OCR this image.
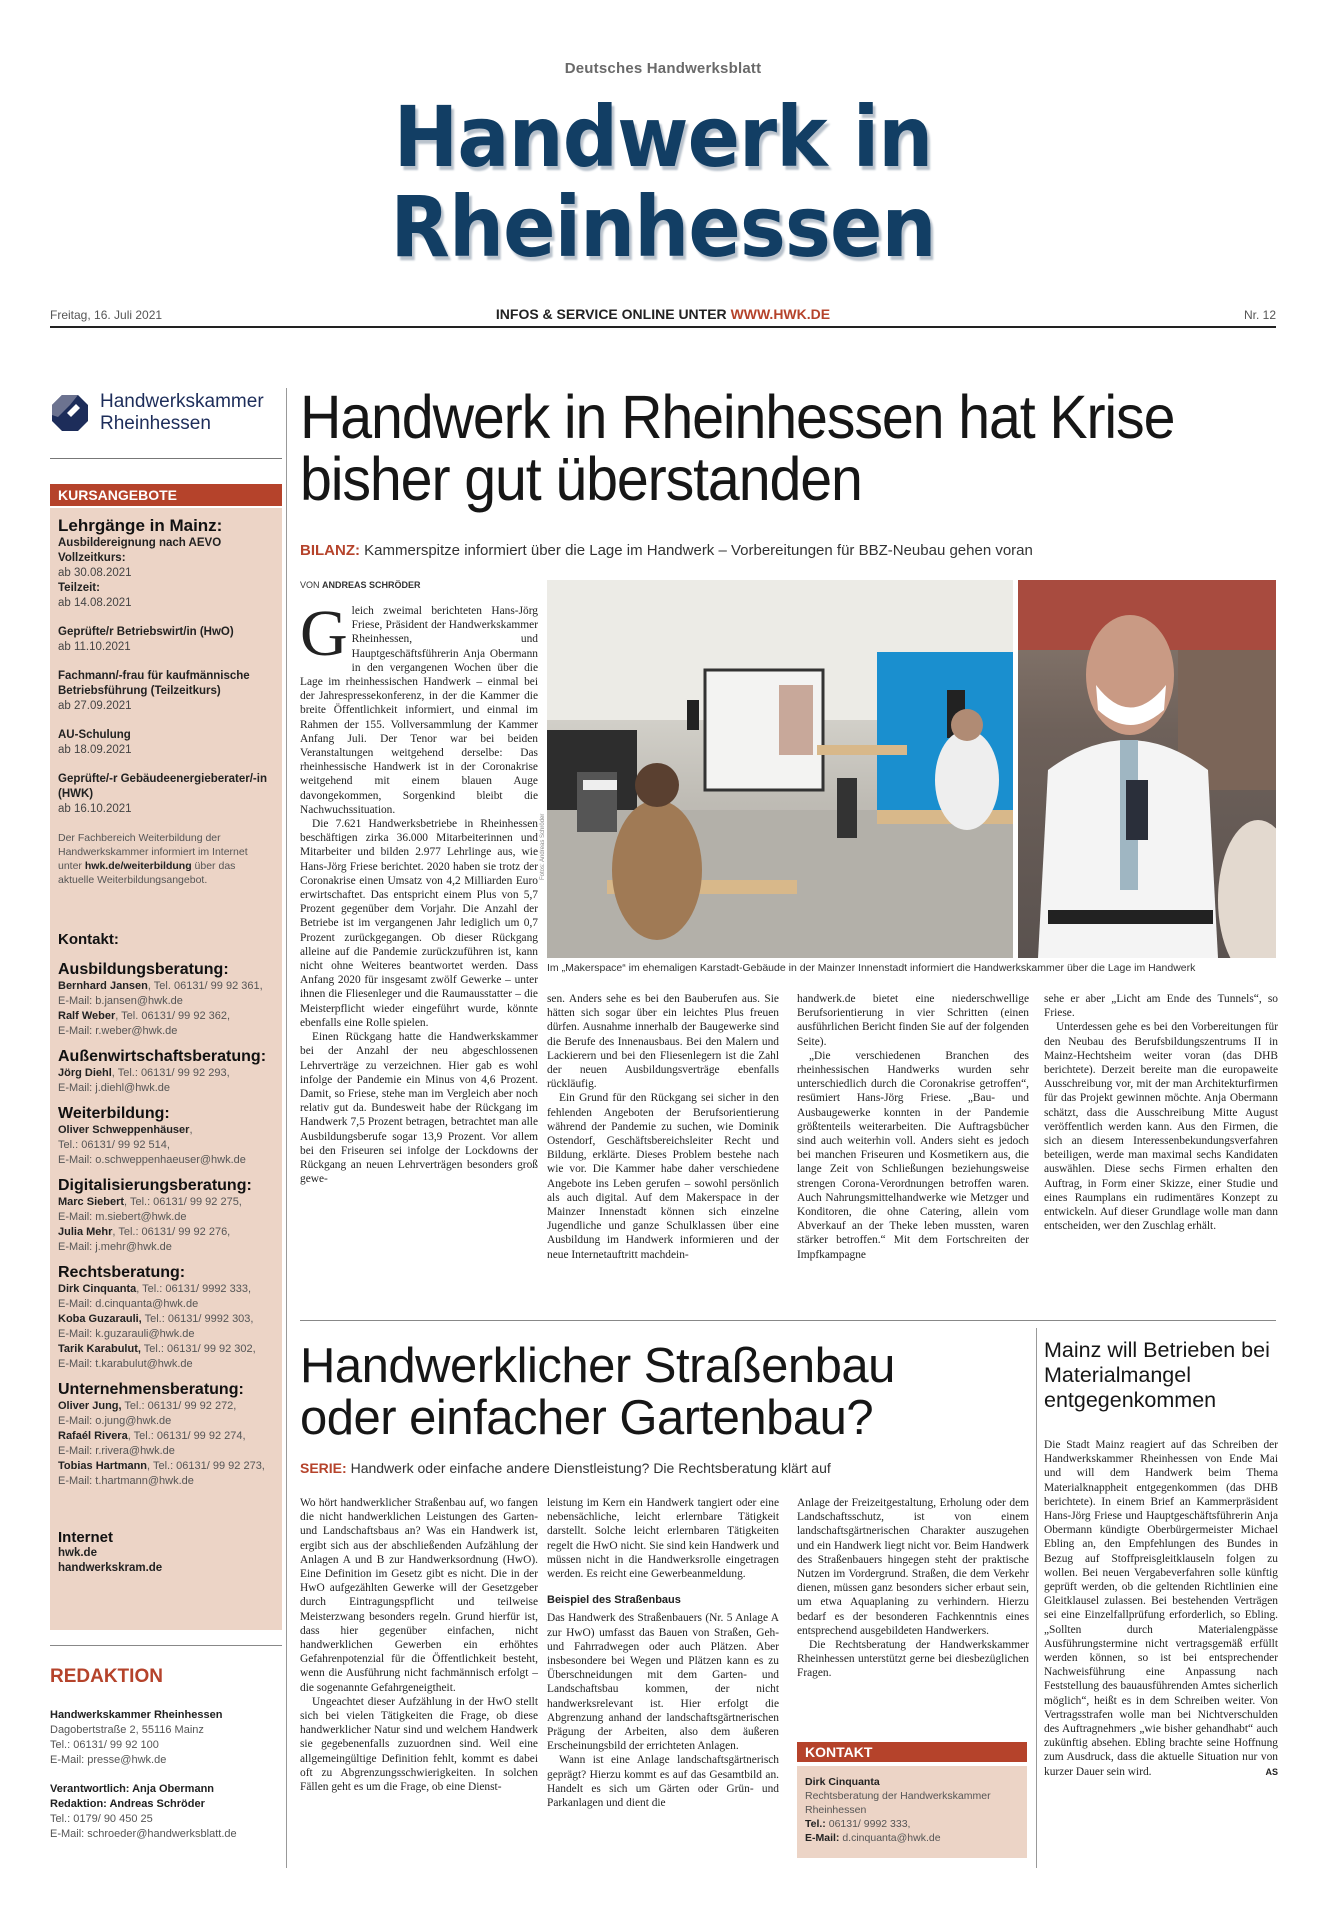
Deutsches Handwerksblatt
Handwerk in
Rheinhessen
Freitag, 16. Juli 2021	INFOS & SERVICE ONLINE UNTER WWW.HWK.DE	Nr. 12
Handwerkskammer
Rheinhessen
KURSANGEBOTE
Lehrgänge in Mainz:
Ausbildereignung nach AEVO
Vollzeitkurs:
ab 30.08.2021
Teilzeit:
ab 14.08.2021
Geprüfte/r Betriebswirt/in (HwO)
ab 11.10.2021
Fachmann/-frau für kaufmännische Betriebsführung (Teilzeitkurs)
ab 27.09.2021
AU-Schulung
ab 18.09.2021
Geprüfte/-r Gebäudeenergieberater/-in (HWK)
ab 16.10.2021
Der Fachbereich Weiterbildung der Handwerkskammer informiert im Internet unter hwk.de/weiterbildung über das aktuelle Weiterbildungsangebot.
Kontakt:
Ausbildungsberatung:
Bernhard Jansen, Tel. 06131/ 99 92 361,
E-Mail: b.jansen@hwk.de
Ralf Weber, Tel. 06131/ 99 92 362,
E-Mail: r.weber@hwk.de
Außenwirtschaftsberatung:
Jörg Diehl, Tel.: 06131/ 99 92 293,
E-Mail: j.diehl@hwk.de
Weiterbildung:
Oliver Schweppenhäuser,
Tel.: 06131/ 99 92 514,
E-Mail: o.schweppenhaeuser@hwk.de
Digitalisierungsberatung:
Marc Siebert, Tel.: 06131/ 99 92 275,
E-Mail: m.siebert@hwk.de
Julia Mehr, Tel.: 06131/ 99 92 276,
E-Mail: j.mehr@hwk.de
Rechtsberatung:
Dirk Cinquanta, Tel.: 06131/ 9992 333,
E-Mail: d.cinquanta@hwk.de
Koba Guzarauli, Tel.: 06131/ 9992 303,
E-Mail: k.guzarauli@hwk.de
Tarik Karabulut, Tel.: 06131/ 99 92 302,
E-Mail: t.karabulut@hwk.de
Unternehmensberatung:
Oliver Jung, Tel.: 06131/ 99 92 272,
E-Mail: o.jung@hwk.de
Rafaél Rivera, Tel.: 06131/ 99 92 274,
E-Mail: r.rivera@hwk.de
Tobias Hartmann, Tel.: 06131/ 99 92 273,
E-Mail: t.hartmann@hwk.de
Internet
hwk.de
handwerkskram.de
REDAKTION
Handwerkskammer Rheinhessen
Dagobertstraße 2, 55116 Mainz
Tel.: 06131/ 99 92 100
E-Mail: presse@hwk.de
Verantwortlich: Anja Obermann
Redaktion: Andreas Schröder
Tel.: 0179/ 90 450 25
E-Mail: schroeder@handwerksblatt.de
Handwerk in Rheinhessen hat Krise bisher gut überstanden
BILANZ: Kammerspitze informiert über die Lage im Handwerk – Vorbereitungen für BBZ-Neubau gehen voran
VON ANDREAS SCHRÖDER

Gleich zweimal berichteten Hans-Jörg Friese, Präsident der Handwerkskammer Rheinhessen, und Hauptgeschäftsführerin Anja Obermann in den vergangenen Wochen über die Lage im rheinhessischen Handwerk – einmal bei der Jahrespressekonferenz, in der die Kammer die breite Öffentlichkeit informiert, und einmal im Rahmen der 155. Vollversammlung der Kammer Anfang Juli. Der Tenor war bei beiden Veranstaltungen weitgehend derselbe: Das rheinhessische Handwerk ist in der Coronakrise weitgehend mit einem blauen Auge davongekommen, Sorgenkind bleibt die Nachwuchssituation.

Die 7.621 Handwerksbetriebe in Rheinhessen beschäftigen zirka 36.000 Mitarbeiterinnen und Mitarbeiter und bilden 2.977 Lehrlinge aus, wie Hans-Jörg Friese berichtet. 2020 haben sie trotz der Coronakrise einen Umsatz von 4,2 Milliarden Euro erwirtschaftet. Das entspricht einem Plus von 5,7 Prozent gegenüber dem Vorjahr. Die Anzahl der Betriebe ist im vergangenen Jahr lediglich um 0,7 Prozent zurückgegangen. Ob dieser Rückgang alleine auf die Pandemie zurückzuführen ist, kann nicht ohne Weiteres beantwortet werden. Dass Anfang 2020 für insgesamt zwölf Gewerke – unter ihnen die Fliesenleger und die Raumausstatter – die Meisterpflicht wieder eingeführt wurde, könnte ebenfalls eine Rolle spielen.

Einen Rückgang hatte die Handwerkskammer bei der Anzahl der neu abgeschlossenen Lehrverträge zu verzeichnen. Hier gab es wohl infolge der Pandemie ein Minus von 4,6 Prozent. Damit, so Friese, stehe man im Vergleich aber noch relativ gut da. Bundesweit habe der Rückgang im Handwerk 7,5 Prozent betragen, betrachtet man alle Ausbildungsberufe sogar 13,9 Prozent. Vor allem bei den Friseuren sei infolge der Lockdowns der Rückgang an neuen Lehrverträgen besonders groß gewe-

Fotos: Andreas Schröder
Im „Makerspace“ im ehemaligen Karstadt-Gebäude in der Mainzer Innenstadt informiert die Handwerkskammer über die Lage im Handwerk

sen. Anders sehe es bei den Bauberufen aus. Sie hätten sich sogar über ein leichtes Plus freuen dürfen. Ausnahme innerhalb der Baugewerke sind die Berufe des Innenausbaus. Bei den Malern und Lackierern und bei den Fliesenlegern ist die Zahl der neuen Ausbildungsverträge ebenfalls rückläufig.

Ein Grund für den Rückgang sei sicher in den fehlenden Angeboten der Berufsorientierung während der Pandemie zu suchen, wie Dominik Ostendorf, Geschäftsbereichsleiter Recht und Bildung, erklärte. Dieses Problem bestehe nach wie vor. Die Kammer habe daher verschiedene Angebote ins Leben gerufen – sowohl persönlich als auch digital. Auf dem Makerspace in der Mainzer Innenstadt können sich einzelne Jugendliche und ganze Schulklassen über eine Ausbildung im Handwerk informieren und der neue Internetauftritt machdein-

handwerk.de bietet eine niederschwellige Berufsorientierung in vier Schritten (einen ausführlichen Bericht finden Sie auf der folgenden Seite).

„Die verschiedenen Branchen des rheinhessischen Handwerks wurden sehr unterschiedlich durch die Coronakrise getroffen“, resümiert Hans-Jörg Friese. „Bau- und Ausbaugewerke konnten in der Pandemie größtenteils weiterarbeiten. Die Auftragsbücher sind auch weiterhin voll. Anders sieht es jedoch bei manchen Friseuren und Kosmetikern aus, die lange Zeit von Schließungen beziehungsweise strengen Corona-Verordnungen betroffen waren. Auch Nahrungsmittelhandwerke wie Metzger und Konditoren, die ohne Catering, allein vom Abverkauf an der Theke leben mussten, waren stärker betroffen.“ Mit dem Fortschreiten der Impfkampagne

sehe er aber „Licht am Ende des Tunnels“, so Friese.

Unterdessen gehe es bei den Vorbereitungen für den Neubau des Berufsbildungszentrums II in Mainz-Hechtsheim weiter voran (das DHB berichtete). Derzeit bereite man die europaweite Ausschreibung vor, mit der man Architekturfirmen für das Projekt gewinnen möchte. Anja Obermann schätzt, dass die Ausschreibung Mitte August veröffentlich werden kann. Aus den Firmen, die sich an diesem Interessenbekundungsverfahren beteiligen, werde man maximal sechs Kandidaten auswählen. Diese sechs Firmen erhalten den Auftrag, in Form einer Skizze, einer Studie und eines Raumplans ein rudimentäres Konzept zu entwickeln. Auf dieser Grundlage wolle man dann entscheiden, wer den Zuschlag erhält.

Handwerklicher Straßenbau
oder einfacher Gartenbau?
SERIE: Handwerk oder einfache andere Dienstleistung? Die Rechtsberatung klärt auf

Wo hört handwerklicher Straßenbau auf, wo fangen die nicht handwerklichen Leistungen des Garten- und Landschaftsbaus an? Was ein Handwerk ist, ergibt sich aus der abschließenden Aufzählung der Anlagen A und B zur Handwerksordnung (HwO). Eine Definition im Gesetz gibt es nicht. Die in der HwO aufgezählten Gewerke will der Gesetzgeber durch Eintragungspflicht und teilweise Meisterzwang besonders regeln. Grund hierfür ist, dass hier gegenüber einfachen, nicht handwerklichen Gewerben ein erhöhtes Gefahrenpotenzial für die Öffentlichkeit besteht, wenn die Ausführung nicht fachmännisch erfolgt – die sogenannte Gefahrgeneigtheit.

Ungeachtet dieser Aufzählung in der HwO stellt sich bei vielen Tätigkeiten die Frage, ob diese handwerklicher Natur sind und welchem Handwerk sie gegebenenfalls zuzuordnen sind. Weil eine allgemeingültige Definition fehlt, kommt es dabei oft zu Abgrenzungsschwierigkeiten. In solchen Fällen geht es um die Frage, ob eine Dienst-

leistung im Kern ein Handwerk tangiert oder eine nebensächliche, leicht erlernbare Tätigkeit darstellt. Solche leicht erlernbaren Tätigkeiten regelt die HwO nicht. Sie sind kein Handwerk und müssen nicht in die Handwerksrolle eingetragen werden. Es reicht eine Gewerbeanmeldung.

Beispiel des Straßenbaus

Das Handwerk des Straßenbauers (Nr. 5 Anlage A zur HwO) umfasst das Bauen von Straßen, Geh- und Fahrradwegen oder auch Plätzen. Aber insbesondere bei Wegen und Plätzen kann es zu Überschneidungen mit dem Garten- und Landschaftsbau kommen, der nicht handwerksrelevant ist. Hier erfolgt die Abgrenzung anhand der landschaftsgärtnerischen Prägung der Arbeiten, also dem äußeren Erscheinungsbild der errichteten Anlagen.

Wann ist eine Anlage landschaftsgärtnerisch geprägt? Hierzu kommt es auf das Gesamtbild an. Handelt es sich um Gärten oder Grün- und Parkanlagen und dient die

Anlage der Freizeitgestaltung, Erholung oder dem Landschaftsschutz, ist von einem landschaftsgärtnerischen Charakter auszugehen und ein Handwerk liegt nicht vor. Beim Handwerk des Straßenbauers hingegen steht der praktische Nutzen im Vordergrund. Straßen, die dem Verkehr dienen, müssen ganz besonders sicher erbaut sein, um etwa Aquaplaning zu verhindern. Hierzu bedarf es der besonderen Fachkenntnis eines entsprechend ausgebildeten Handwerkers.

Die Rechtsberatung der Handwerkskammer Rheinhessen unterstützt gerne bei diesbezüglichen Fragen.

KONTAKT
Dirk Cinquanta
Rechtsberatung der Handwerkskammer
Rheinhessen
Tel.: 06131/ 9992 333,
E-Mail: d.cinquanta@hwk.de
Mainz will Betrieben bei Materialmangel entgegenkommen

Die Stadt Mainz reagiert auf das Schreiben der Handwerkskammer Rheinhessen von Ende Mai und will dem Handwerk beim Thema Materialknappheit entgegenkommen (das DHB berichtete). In einem Brief an Kammerpräsident Hans-Jörg Friese und Hauptgeschäftsführerin Anja Obermann kündigte Oberbürgermeister Michael Ebling an, den Empfehlungen des Bundes in Bezug auf Stoffpreisgleitklauseln folgen zu wollen. Bei neuen Vergabeverfahren solle künftig geprüft werden, ob die geltenden Richtlinien eine Gleitklausel zulassen. Bei bestehenden Verträgen sei eine Einzelfallprüfung erforderlich, so Ebling. „Sollten durch Materialengpässe Ausführungstermine nicht vertragsgemäß erfüllt werden können, so ist bei entsprechender Nachweisführung eine Anpassung nach Feststellung des bauausführenden Amtes sicherlich möglich“, heißt es in dem Schreiben weiter. Von Vertragsstrafen wolle man bei Nichtverschulden des Auftragnehmers „wie bisher gehandhabt“ auch zukünftig absehen. Ebling brachte seine Hoffnung zum Ausdruck, dass die aktuelle Situation nur von kurzer Dauer sein wird.	AS
